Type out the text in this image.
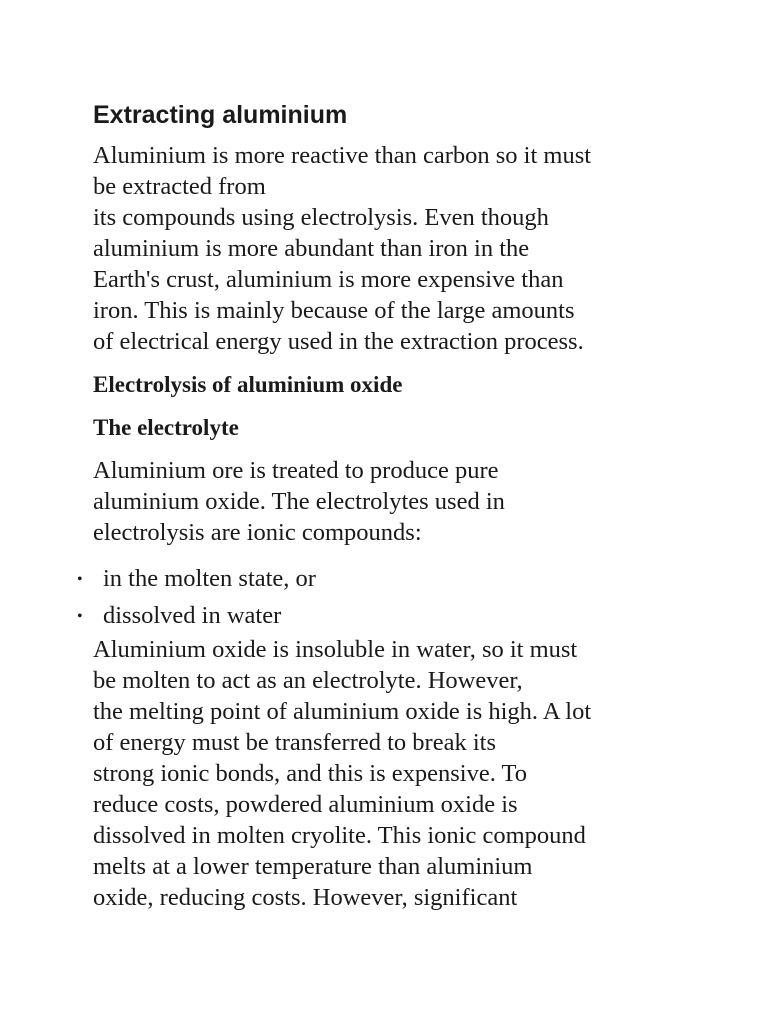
Extracting aluminium

Aluminium is more reactive than carbon so it must
be extracted from
its compounds using electrolysis. Even though
aluminium is more abundant than iron in the
Earth's crust, aluminium is more expensive than
iron. This is mainly because of the large amounts
of electrical energy used in the extraction process.

Electrolysis of aluminium oxide
The electrolyte

Aluminium ore is treated to produce pure
aluminium oxide. The electrolytes used in
electrolysis are ionic compounds:

• in the molten state, or
• dissolved in water

Aluminium oxide is insoluble in water, so it must
be molten to act as an electrolyte. However,
the melting point of aluminium oxide is high. A lot
of energy must be transferred to break its
strong ionic bonds, and this is expensive. To
reduce costs, powdered aluminium oxide is
dissolved in molten cryolite. This ionic compound
melts at a lower temperature than aluminium
oxide, reducing costs. However, significant
